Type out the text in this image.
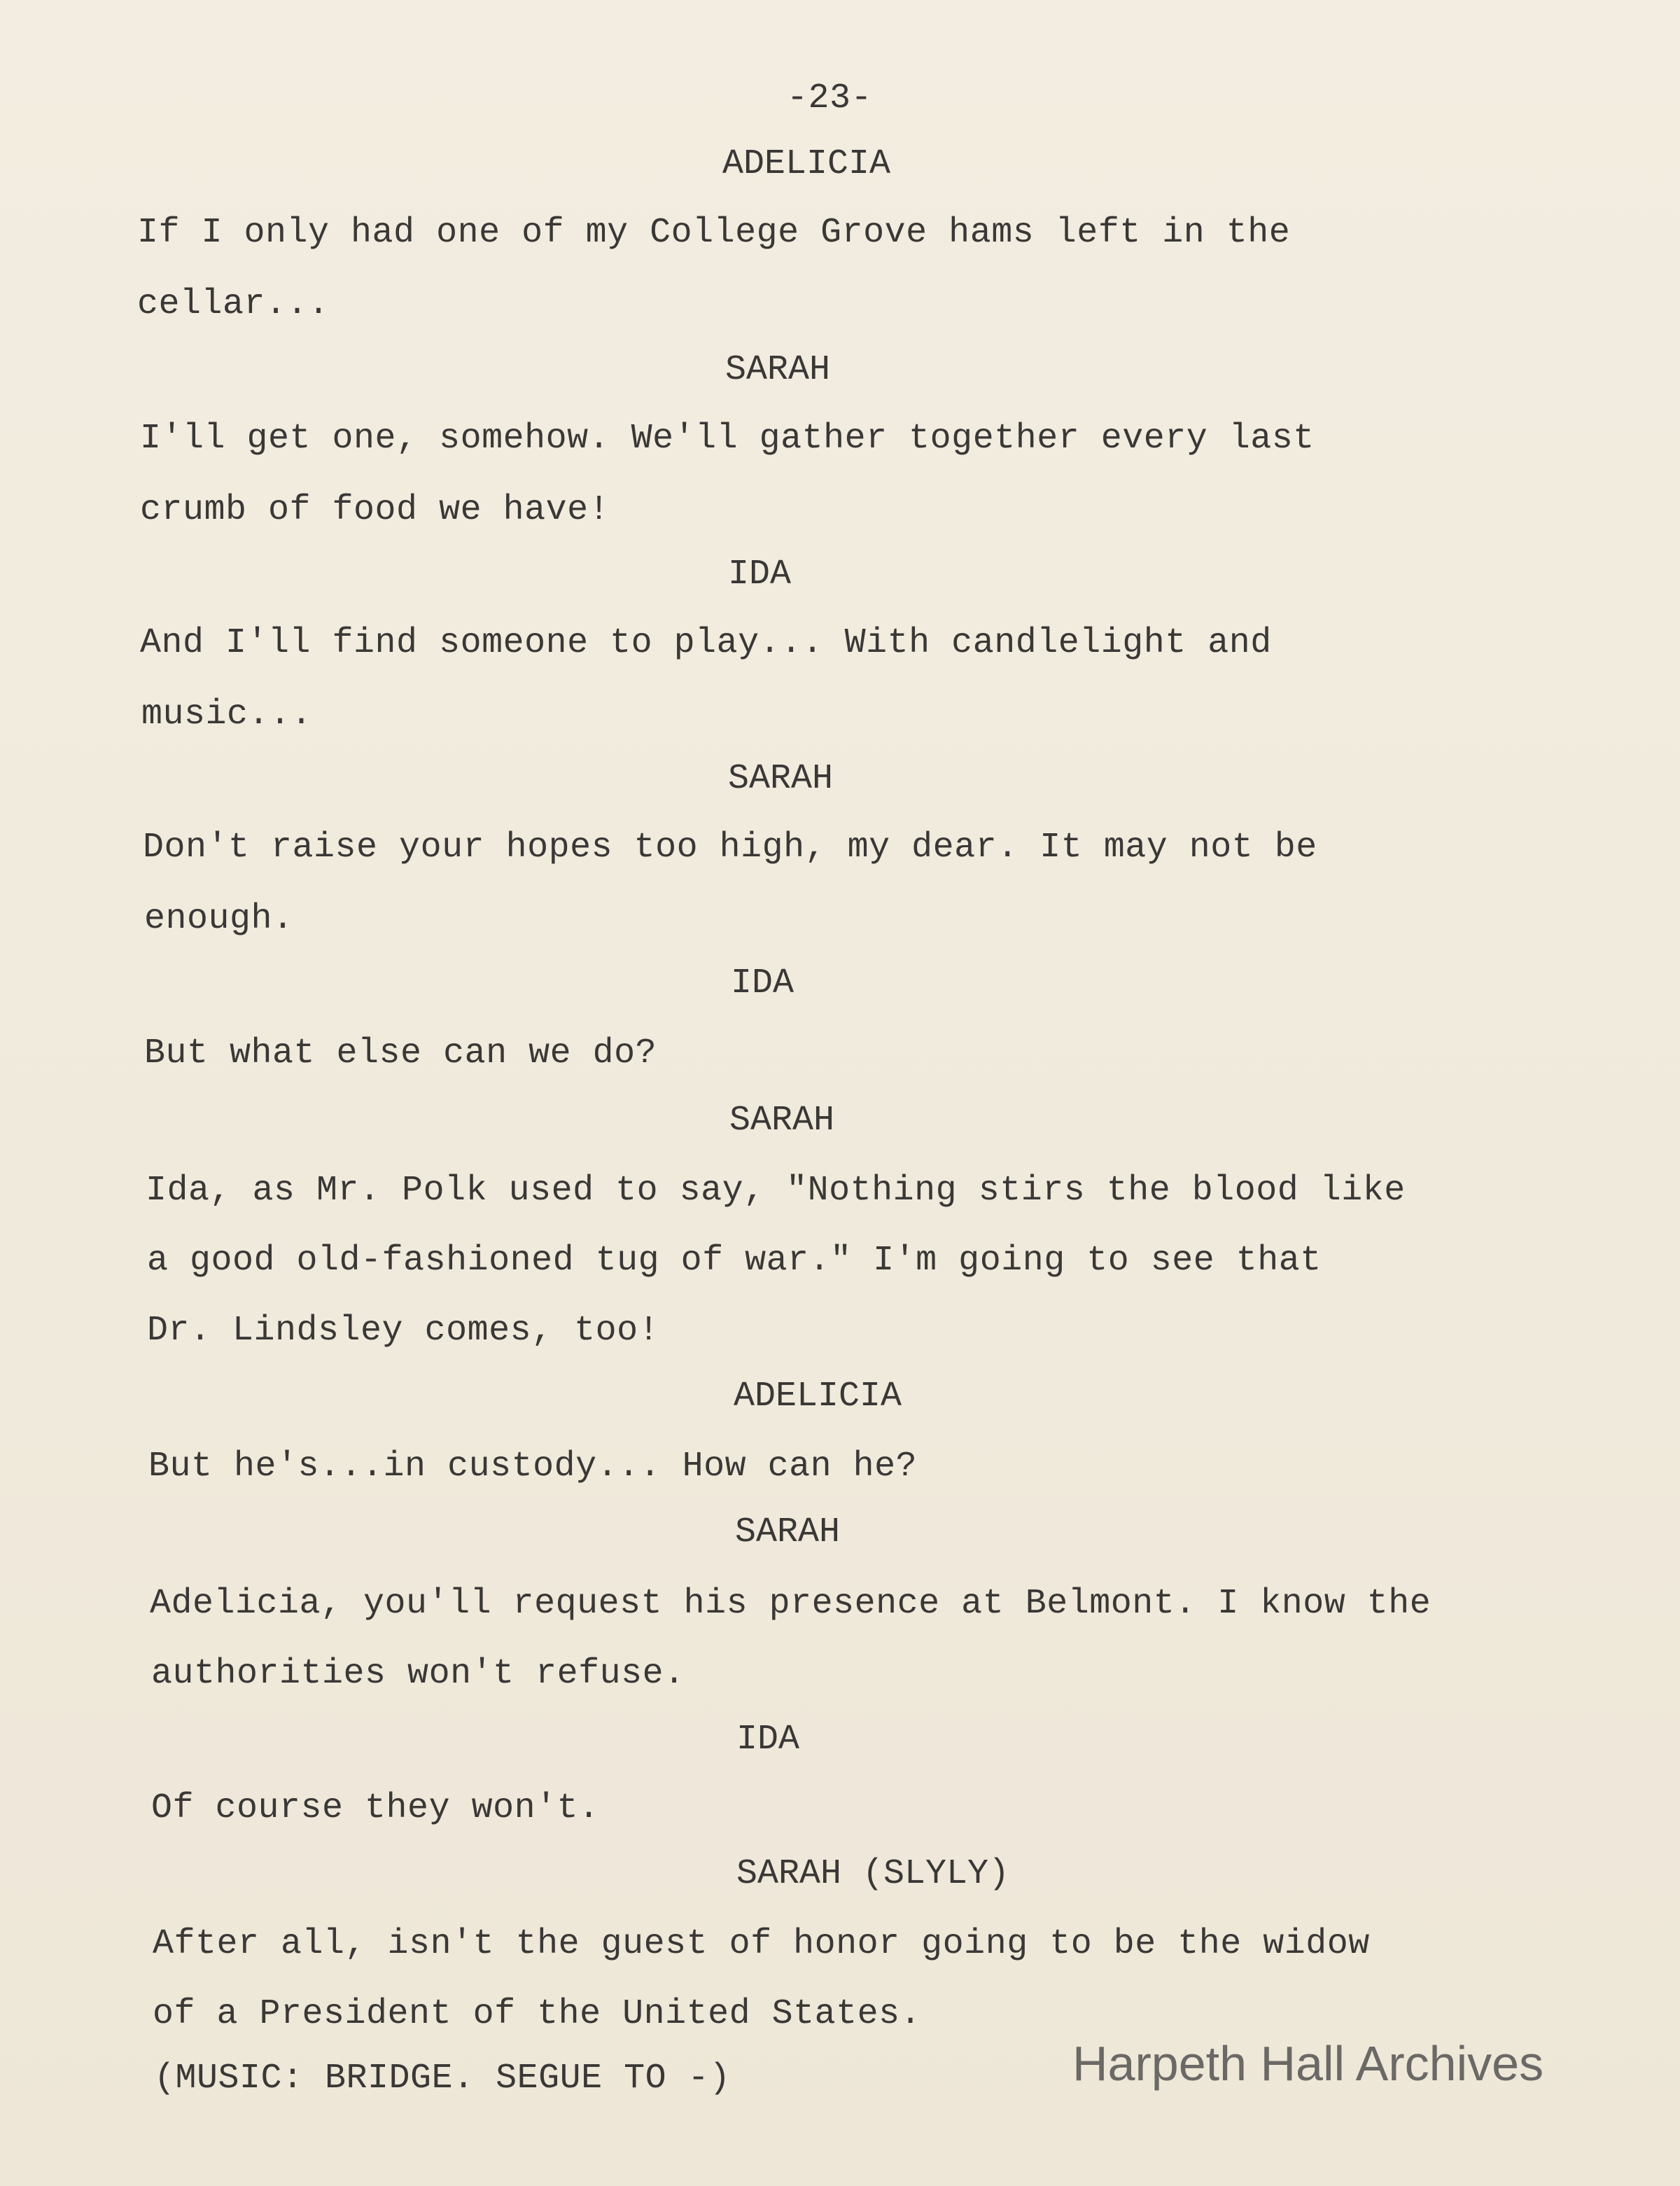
-23-

ADELICIA

If I only had one of my College Grove hams left in the

cellar...

SARAH

I'll get one, somehow. We'll gather together every last

crumb of food we have!

IDA

And I'll find someone to play... With candlelight and

music...

SARAH

Don't raise your hopes too high, my dear. It may not be

enough.

IDA

But what else can we do?

SARAH

Ida, as Mr. Polk used to say, "Nothing stirs the blood like

a good old-fashioned tug of war." I'm going to see that

Dr. Lindsley comes, too!

ADELICIA

But he's...in custody... How can he?

SARAH

Adelicia, you'll request his presence at Belmont. I know the

authorities won't refuse.

IDA

Of course they won't.

SARAH (SLYLY)

After all, isn't the guest of honor going to be the widow

of a President of the United States.

(MUSIC: BRIDGE. SEGUE TO -)	Harpeth Hall Archives
